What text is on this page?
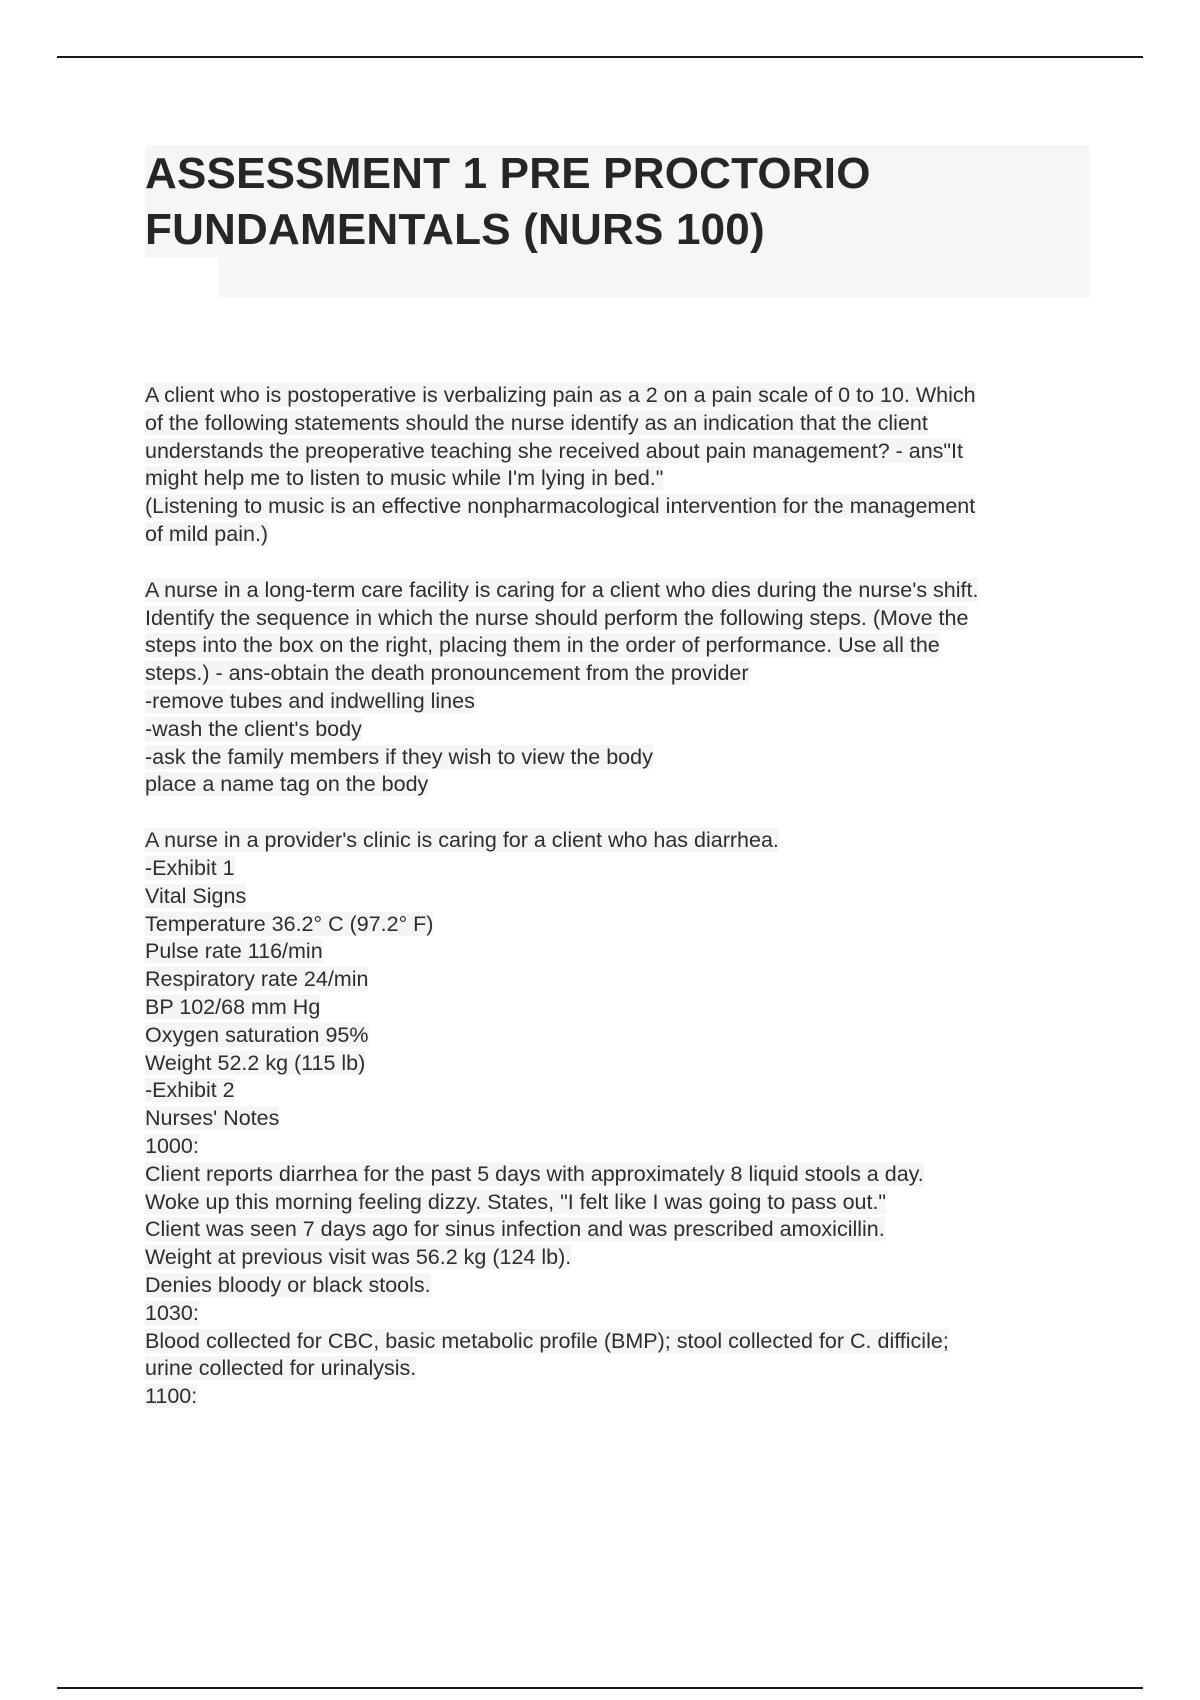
ASSESSMENT 1 PRE PROCTORIO
FUNDAMENTALS (NURS 100)
A client who is postoperative is verbalizing pain as a 2 on a pain scale of 0 to 10. Which
of the following statements should the nurse identify as an indication that the client
understands the preoperative teaching she received about pain management? - ans"It
might help me to listen to music while I'm lying in bed."
(Listening to music is an effective nonpharmacological intervention for the management
of mild pain.)
A nurse in a long-term care facility is caring for a client who dies during the nurse's shift.
Identify the sequence in which the nurse should perform the following steps. (Move the
steps into the box on the right, placing them in the order of performance. Use all the
steps.) - ans-obtain the death pronouncement from the provider
-remove tubes and indwelling lines
-wash the client's body
-ask the family members if they wish to view the body
place a name tag on the body
A nurse in a provider's clinic is caring for a client who has diarrhea.
-Exhibit 1
Vital Signs
Temperature 36.2° C (97.2° F)
Pulse rate 116/min
Respiratory rate 24/min
BP 102/68 mm Hg
Oxygen saturation 95%
Weight 52.2 kg (115 lb)
-Exhibit 2
Nurses' Notes
1000:
Client reports diarrhea for the past 5 days with approximately 8 liquid stools a day.
Woke up this morning feeling dizzy. States, "I felt like I was going to pass out."
Client was seen 7 days ago for sinus infection and was prescribed amoxicillin.
Weight at previous visit was 56.2 kg (124 lb).
Denies bloody or black stools.
1030:
Blood collected for CBC, basic metabolic profile (BMP); stool collected for C. difficile;
urine collected for urinalysis.
1100:
